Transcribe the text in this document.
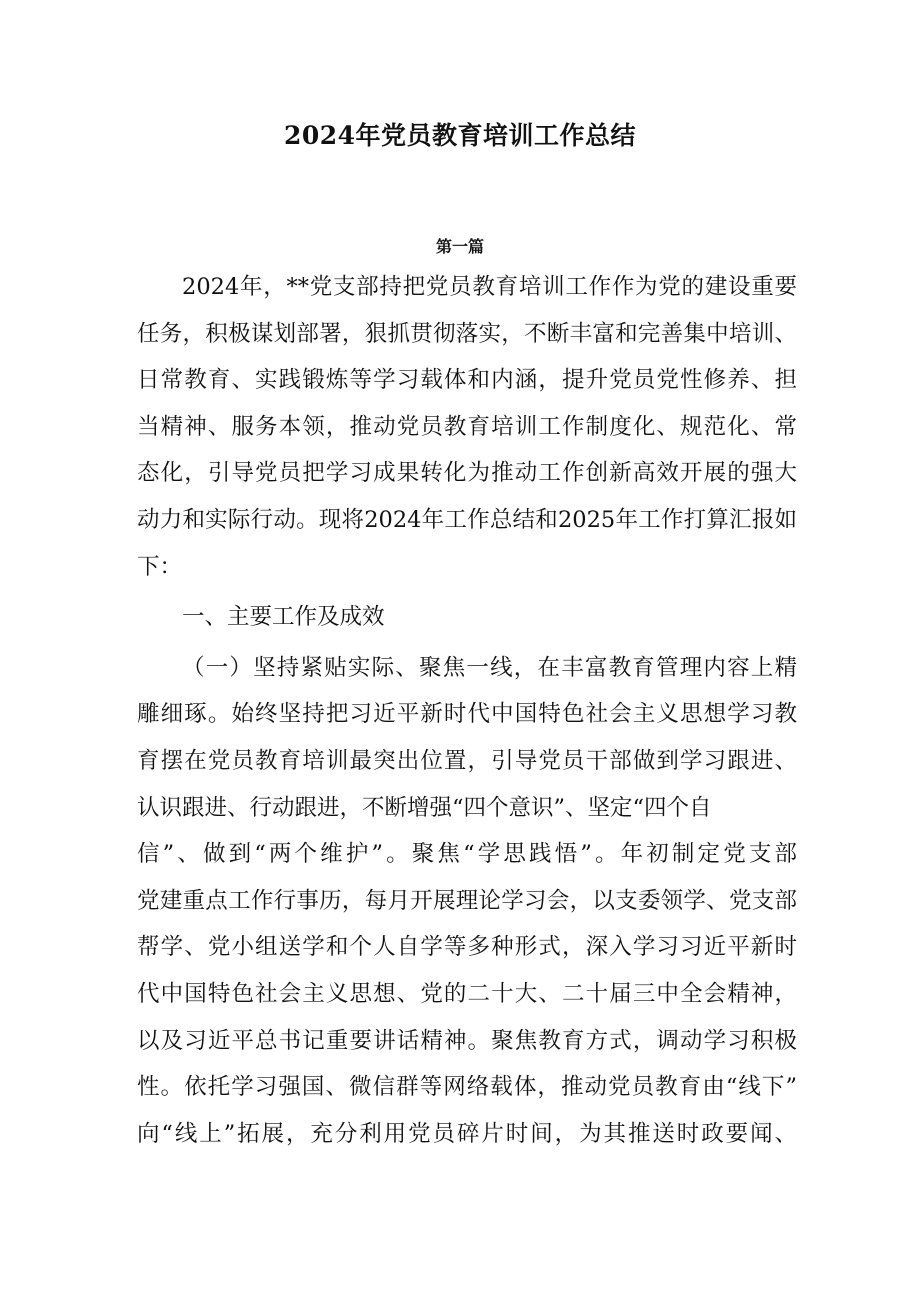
2024年党员教育培训工作总结
第一篇
2024年，**党支部持把党员教育培训工作作为党的建设重要
任务，积极谋划部署，狠抓贯彻落实，不断丰富和完善集中培训、
日常教育、实践锻炼等学习载体和内涵，提升党员党性修养、担
当精神、服务本领，推动党员教育培训工作制度化、规范化、常
态化，引导党员把学习成果转化为推动工作创新高效开展的强大
动力和实际行动。现将2024年工作总结和2025年工作打算汇报如
下：
一、主要工作及成效
（一）坚持紧贴实际、聚焦一线，在丰富教育管理内容上精
雕细琢。始终坚持把习近平新时代中国特色社会主义思想学习教
育摆在党员教育培训最突出位置，引导党员干部做到学习跟进、
认识跟进、行动跟进，不断增强“四个意识”、坚定“四个自
信”、做到“两个维护”。聚焦“学思践悟”。年初制定党支部
党建重点工作行事历，每月开展理论学习会，以支委领学、党支部
帮学、党小组送学和个人自学等多种形式，深入学习习近平新时
代中国特色社会主义思想、党的二十大、二十届三中全会精神，
以及习近平总书记重要讲话精神。聚焦教育方式，调动学习积极
性。依托学习强国、微信群等网络载体，推动党员教育由“线下”
向“线上”拓展，充分利用党员碎片时间，为其推送时政要闻、
